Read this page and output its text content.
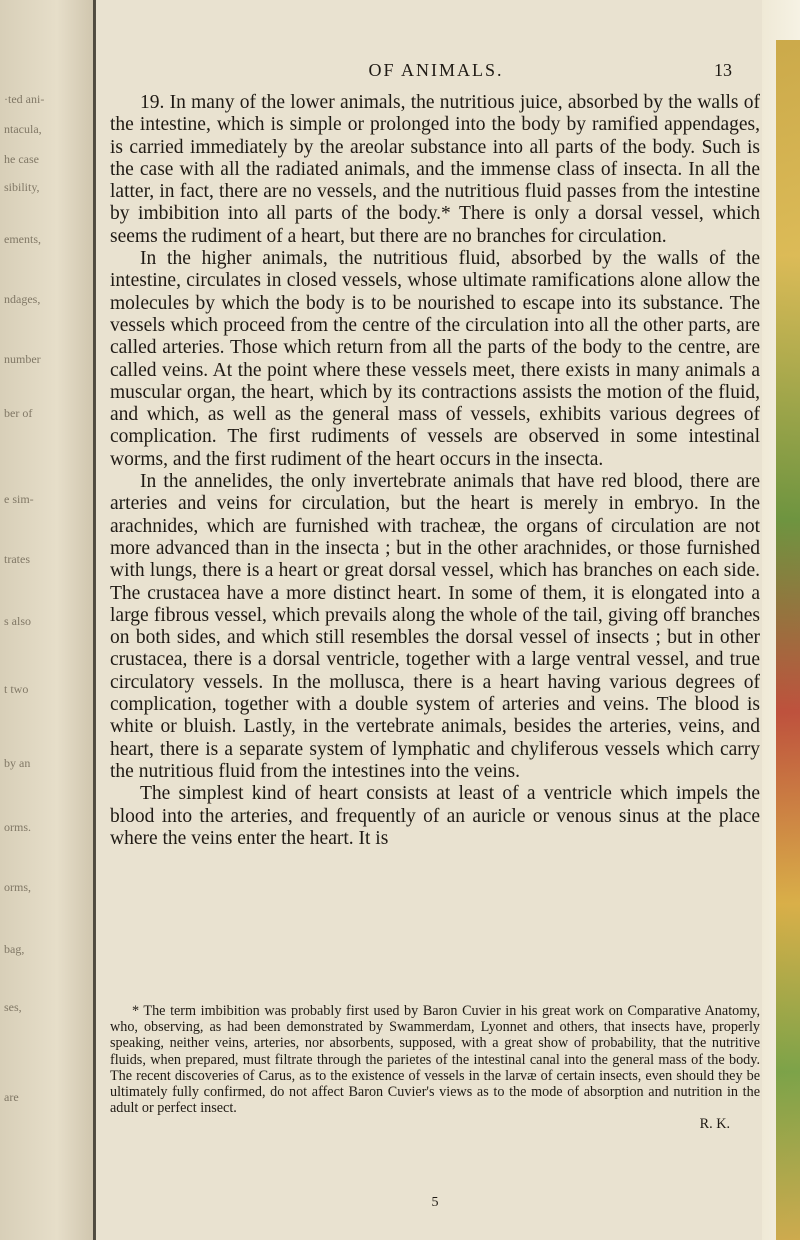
·ted ani-
ntacula,
he case
sibility,
ements,
ndages,
number
ber of
e sim-
trates
s also
t two
by an
orms.
orms,
bag,
ses,
are
OF ANIMALS.	13

19. In many of the lower animals, the nutritious juice, absorbed by the walls of the intestine, which is simple or prolonged into the body by ramified appendages, is carried immediately by the areolar substance into all parts of the body. Such is the case with all the radiated animals, and the immense class of insecta. In all the latter, in fact, there are no vessels, and the nutritious fluid passes from the intestine by imbibition into all parts of the body.* There is only a dorsal vessel, which seems the rudiment of a heart, but there are no branches for circulation.

In the higher animals, the nutritious fluid, absorbed by the walls of the intestine, circulates in closed vessels, whose ultimate ramifications alone allow the molecules by which the body is to be nourished to escape into its substance. The vessels which proceed from the centre of the circulation into all the other parts, are called arteries. Those which return from all the parts of the body to the centre, are called veins. At the point where these vessels meet, there exists in many animals a muscular organ, the heart, which by its contractions assists the motion of the fluid, and which, as well as the general mass of vessels, exhibits various degrees of complication. The first rudiments of vessels are observed in some intestinal worms, and the first rudiment of the heart occurs in the insecta.

In the annelides, the only invertebrate animals that have red blood, there are arteries and veins for circulation, but the heart is merely in embryo. In the arachnides, which are furnished with tracheæ, the organs of circulation are not more advanced than in the insecta ; but in the other arachnides, or those furnished with lungs, there is a heart or great dorsal vessel, which has branches on each side. The crustacea have a more distinct heart. In some of them, it is elongated into a large fibrous vessel, which prevails along the whole of the tail, giving off branches on both sides, and which still resembles the dorsal vessel of insects ; but in other crustacea, there is a dorsal ventricle, together with a large ventral vessel, and true circulatory vessels. In the mollusca, there is a heart having various degrees of complication, together with a double system of arteries and veins. The blood is white or bluish. Lastly, in the vertebrate animals, besides the arteries, veins, and heart, there is a separate system of lymphatic and chyliferous vessels which carry the nutritious fluid from the intestines into the veins.

The simplest kind of heart consists at least of a ventricle which impels the blood into the arteries, and frequently of an auricle or venous sinus at the place where the veins enter the heart. It is

* The term imbibition was probably first used by Baron Cuvier in his great work on Comparative Anatomy, who, observing, as had been demonstrated by Swammerdam, Lyonnet and others, that insects have, properly speaking, neither veins, arteries, nor absorbents, supposed, with a great show of probability, that the nutritive fluids, when prepared, must filtrate through the parietes of the intestinal canal into the general mass of the body. The recent discoveries of Carus, as to the existence of vessels in the larvæ of certain insects, even should they be ultimately fully confirmed, do not affect Baron Cuvier's views as to the mode of absorption and nutrition in the adult or perfect insect.

R. K.
5
